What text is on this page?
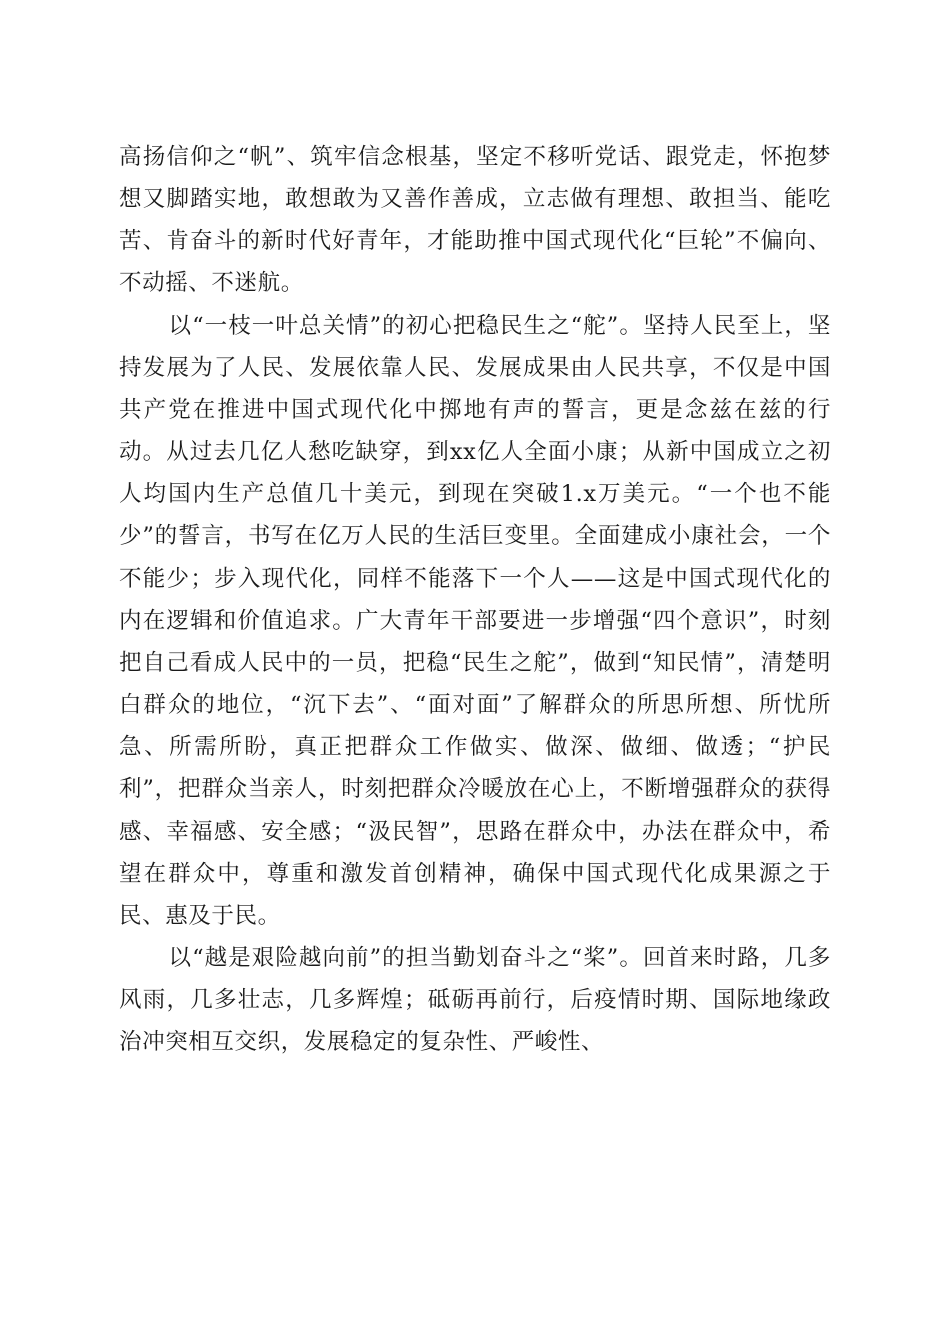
高扬信仰之“帆”、筑牢信念根基，坚定不移听党话、跟党走，怀抱梦想又脚踏实地，敢想敢为又善作善成，立志做有理想、敢担当、能吃苦、肯奋斗的新时代好青年，才能助推中国式现代化“巨轮”不偏向、不动摇、不迷航。

以“一枝一叶总关情”的初心把稳民生之“舵”。坚持人民至上，坚持发展为了人民、发展依靠人民、发展成果由人民共享，不仅是中国共产党在推进中国式现代化中掷地有声的誓言，更是念兹在兹的行动。从过去几亿人愁吃缺穿，到xx亿人全面小康；从新中国成立之初人均国内生产总值几十美元，到现在突破1.x万美元。“一个也不能少”的誓言，书写在亿万人民的生活巨变里。全面建成小康社会，一个不能少；步入现代化，同样不能落下一个人——这是中国式现代化的内在逻辑和价值追求。广大青年干部要进一步增强“四个意识”，时刻把自己看成人民中的一员，把稳“民生之舵”，做到“知民情”，清楚明白群众的地位，“沉下去”、“面对面”了解群众的所思所想、所忧所急、所需所盼，真正把群众工作做实、做深、做细、做透；“护民利”，把群众当亲人，时刻把群众冷暖放在心上，不断增强群众的获得感、幸福感、安全感；“汲民智”，思路在群众中，办法在群众中，希望在群众中，尊重和激发首创精神，确保中国式现代化成果源之于民、惠及于民。

以“越是艰险越向前”的担当勤划奋斗之“桨”。回首来时路，几多风雨，几多壮志，几多辉煌；砥砺再前行，后疫情时期、国际地缘政治冲突相互交织，发展稳定的复杂性、严峻性、
